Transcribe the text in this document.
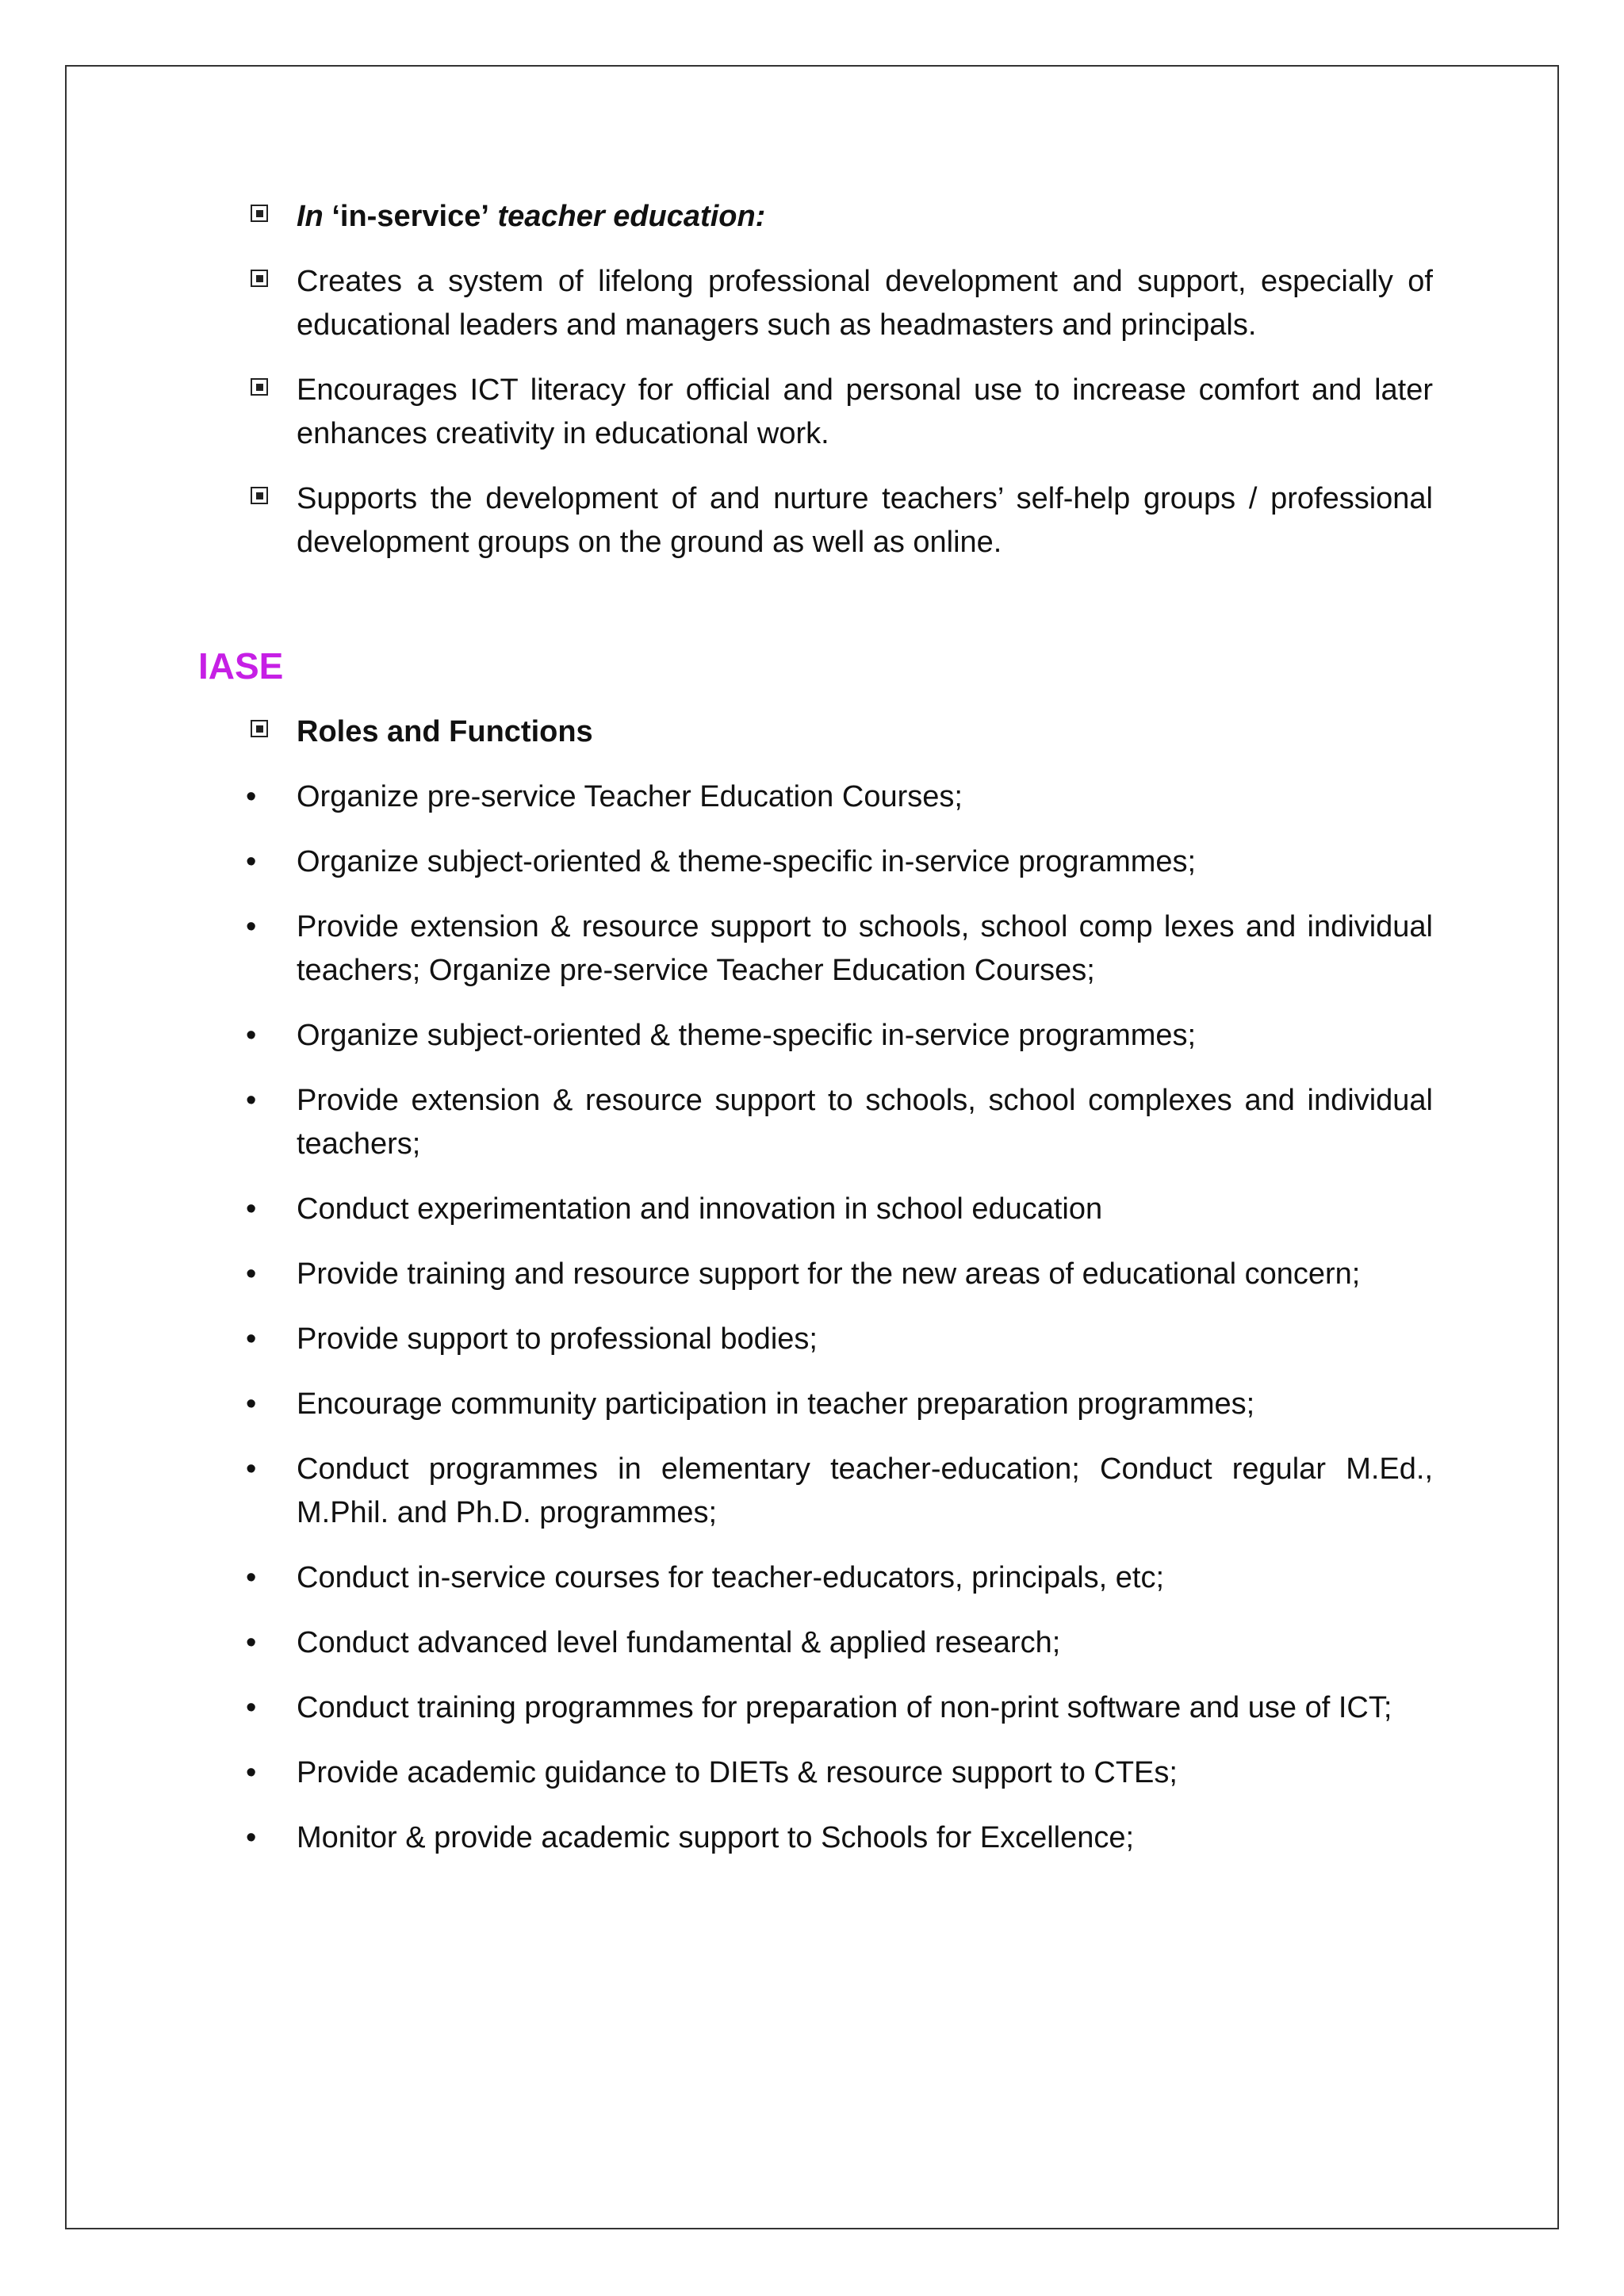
In ‘in-service’ teacher education:
Creates a system of lifelong professional development and support, especially of educational leaders and managers such as headmasters and principals.
Encourages ICT literacy for official and personal use to increase comfort and later enhances creativity in educational work.
Supports the development of and nurture teachers’ self-help groups / professional development groups on the ground as well as online.
IASE
Roles and Functions
• Organize pre-service Teacher Education Courses;
• Organize subject-oriented & theme-specific in-service programmes;
• Provide extension & resource support to schools, school comp lexes and individual teachers; Organize pre-service Teacher Education Courses;
• Organize subject-oriented & theme-specific in-service programmes;
• Provide extension & resource support to schools, school complexes and individual teachers;
• Conduct experimentation and innovation in school education
• Provide training and resource support for the new areas of educational concern;
• Provide support to professional bodies;
• Encourage community participation in teacher preparation programmes;
• Conduct programmes in elementary teacher-education; Conduct regular M.Ed., M.Phil. and Ph.D. programmes;
• Conduct in-service courses for teacher-educators, principals, etc;
• Conduct advanced level fundamental & applied research;
• Conduct training programmes for preparation of non-print software and use of ICT;
• Provide academic guidance to DIETs & resource support to CTEs;
• Monitor & provide academic support to Schools for Excellence;
